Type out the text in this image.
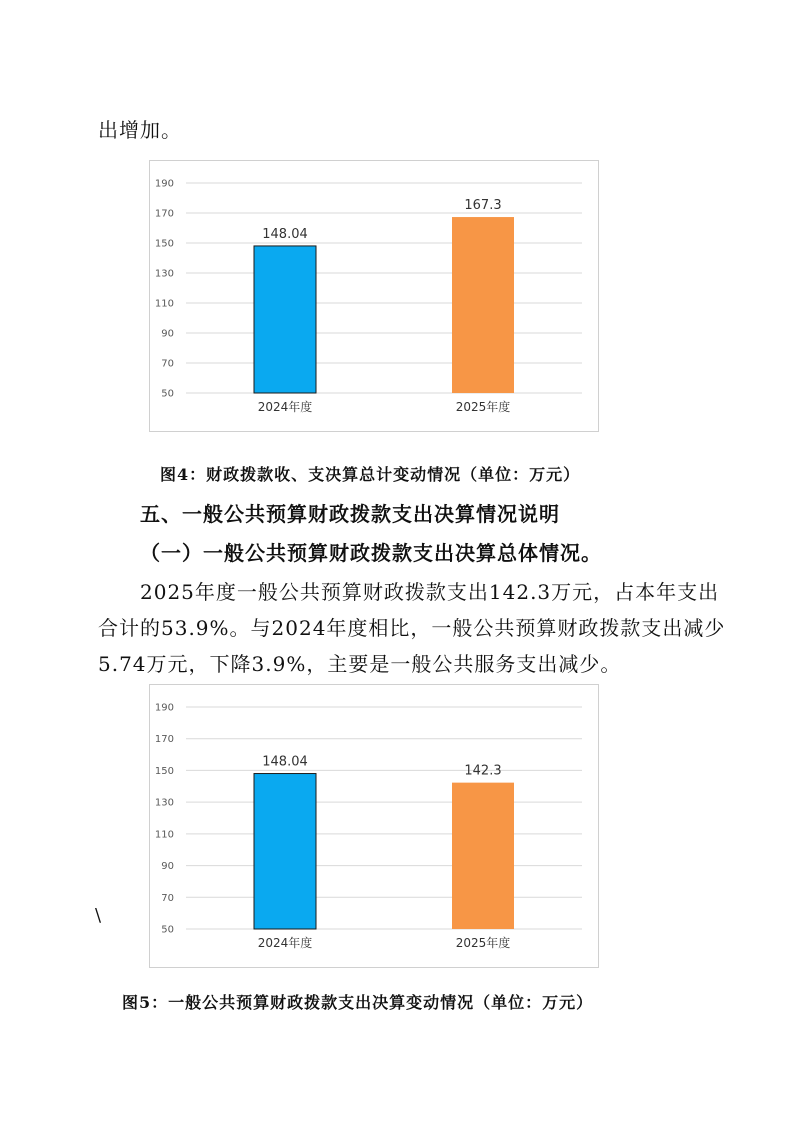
出增加。
50
70
90
110
130
150
170
190
148.04
2024年度
167.3
2025年度
图4：财政拨款收、支决算总计变动情况（单位：万元）
五、一般公共预算财政拨款支出决算情况说明
（一）一般公共预算财政拨款支出决算总体情况。
2025年度一般公共预算财政拨款支出142.3万元，占本年支出
合计的53.9%。与2024年度相比，一般公共预算财政拨款支出减少
5.74万元，下降3.9%，主要是一般公共服务支出减少。
50
70
90
110
130
150
170
190
148.04
2024年度
142.3
2025年度
\
图5：一般公共预算财政拨款支出决算变动情况（单位：万元）
